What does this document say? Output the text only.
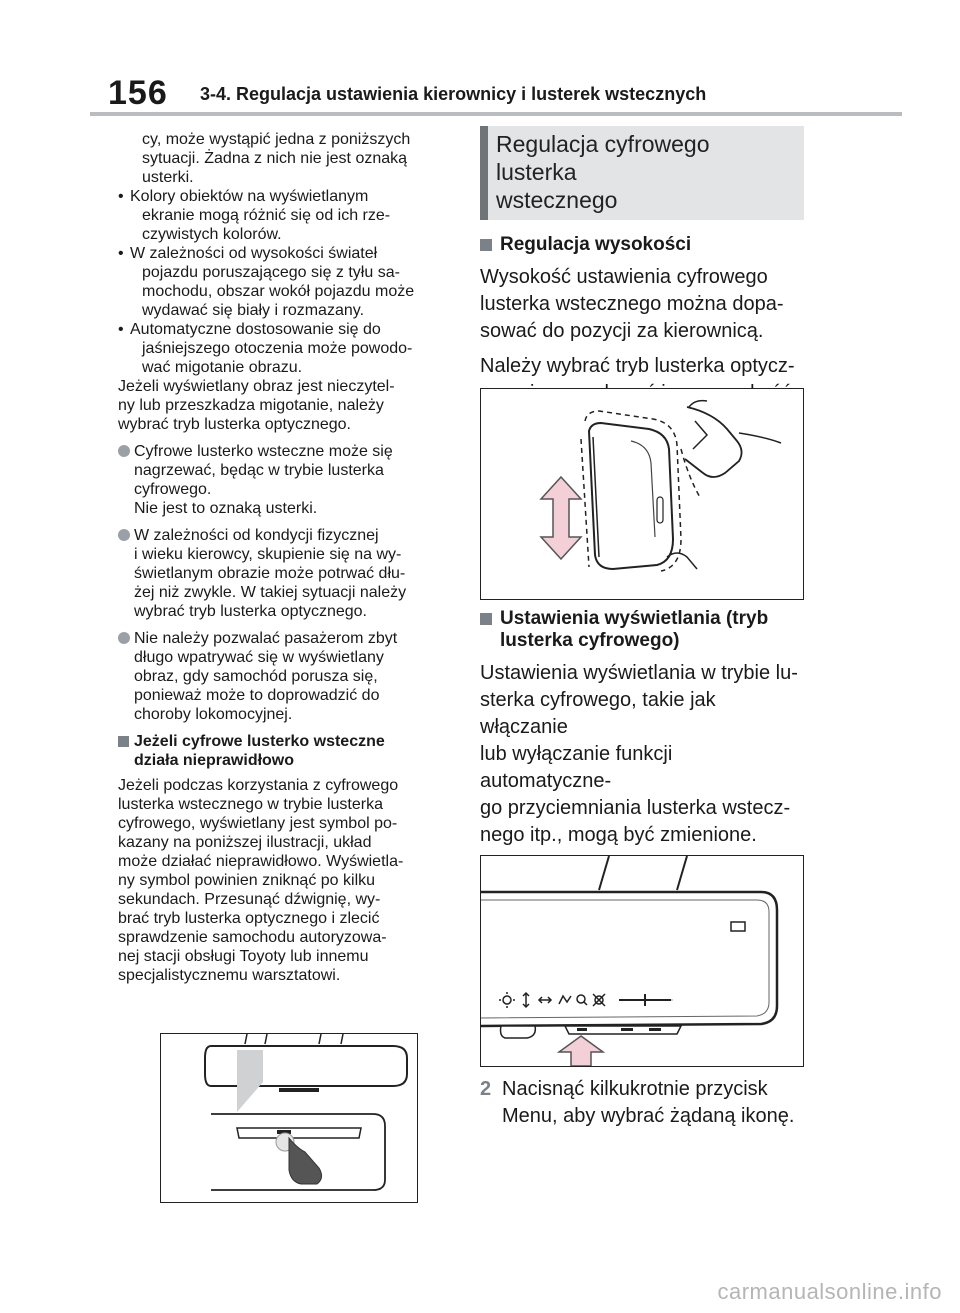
156 3-4. Regulacja ustawienia kierownicy i lusterek wstecznych

cy, może wystąpić jedna z poniższych

sytuacji. Żadna z nich nie jest oznaką

usterki.

• Kolory obiektów na wyświetlanym

ekranie mogą różnić się od ich rze-

czywistych kolorów.

• W zależności od wysokości świateł

pojazdu poruszającego się z tyłu sa-

mochodu, obszar wokół pojazdu może

wydawać się biały i rozmazany.

• Automatyczne dostosowanie się do

jaśniejszego otoczenia może powodo-

wać migotanie obrazu.

Jeżeli wyświetlany obraz jest nieczytel-

ny lub przeszkadza migotanie, należy

wybrać tryb lusterka optycznego.

Cyfrowe lusterko wsteczne może się

nagrzewać, będąc w trybie lusterka

cyfrowego.

Nie jest to oznaką usterki.

W zależności od kondycji fizycznej

i wieku kierowcy, skupienie się na wy-

świetlanym obrazie może potrwać dłu-

żej niż zwykle. W takiej sytuacji należy

wybrać tryb lusterka optycznego.

Nie należy pozwalać pasażerom zbyt

długo wpatrywać się w wyświetlany

obraz, gdy samochód porusza się,

ponieważ może to doprowadzić do

choroby lokomocyjnej.

Jeżeli cyfrowe lusterko wsteczne

działa nieprawidłowo

Jeżeli podczas korzystania z cyfrowego

lusterka wstecznego w trybie lusterka

cyfrowego, wyświetlany jest symbol po-

kazany na poniższej ilustracji, układ

może działać nieprawidłowo. Wyświetla-

ny symbol powinien zniknąć po kilku

sekundach. Przesunąć dźwignię, wy-

brać tryb lusterka optycznego i zlecić

sprawdzenie samochodu autoryzowa-

nej stacji obsługi Toyoty lub innemu

specjalistycznemu warsztatowi.

Regulacja cyfrowego lusterka
wstecznego
Regulacja wysokości
Wysokość ustawienia cyfrowego
lusterka wstecznego można dopa-
sować do pozycji za kierownicą.
Należy wybrać tryb lusterka optycz-
Ustawienia wyświetlania (tryb
lusterka cyfrowego)
Ustawienia wyświetlania w trybie lu-
sterka cyfrowego, takie jak włączanie
lub wyłączanie funkcji automatyczne-
go przyciemniania lusterka wstecz-
nego itp., mogą być zmienione.
2 Nacisnąć kilkukrotnie przycisk
Menu, aby wybrać żądaną ikonę.
carmanualsonline.info
